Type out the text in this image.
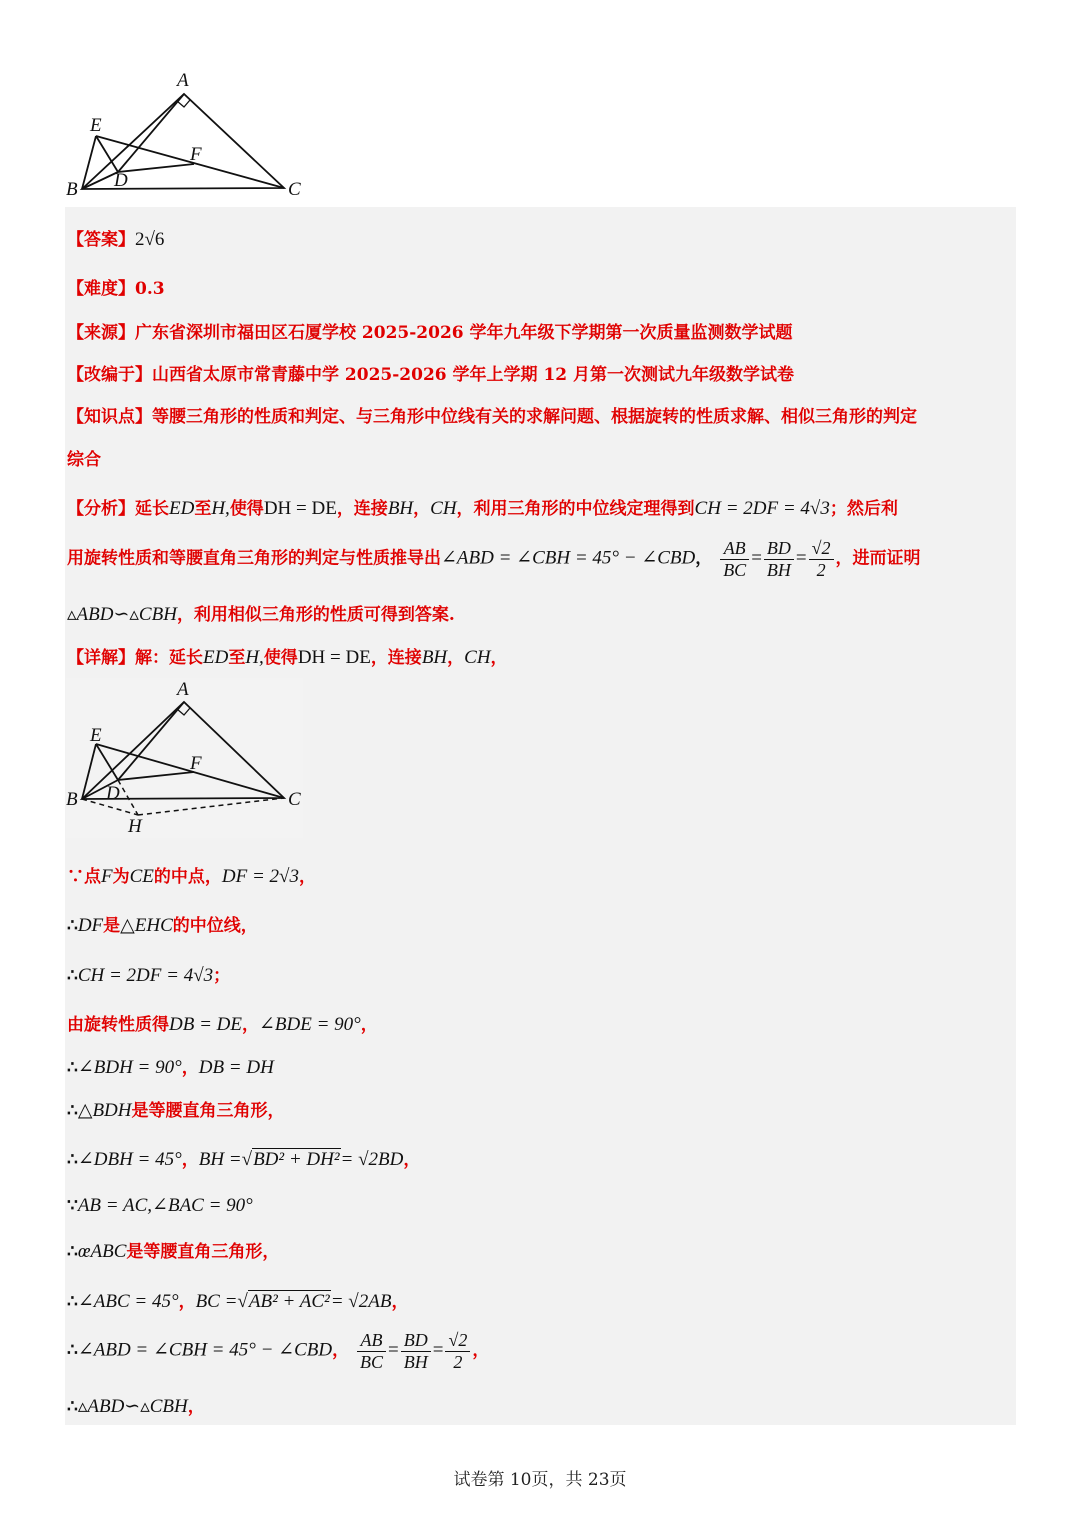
A
E
F
B D	C
A
E
F
B D	C
H
【答案】2√6
【难度】0.3
【来源】广东省深圳市福田区石厦学校 2025-2026 学年九年级下学期第一次质量监测数学试题
【改编于】山西省太原市常青藤中学 2025-2026 学年上学期 12 月第一次测试九年级数学试卷
【知识点】等腰三角形的性质和判定、与三角形中位线有关的求解问题、根据旋转的性质求解、相似三角形的判定
综合
【分析】延长ED至H,使得DH = DE，连接BH，CH，利用三角形的中位线定理得到CH = 2DF = 4√3；然后利
用旋转性质和等腰直角三角形的判定与性质推导出∠ABD = ∠CBH = 45° − ∠CBD， $\frac{AB}{BC} = \frac{BD}{BH} = \frac{√2}{2}$ ，进而证明
▵ABD∽▵CBH，利用相似三角形的性质可得到答案.
【详解】解：延长ED至H,使得DH = DE，连接BH，CH，
∵点F为CE的中点，DF = 2√3，
∴DF是△EHC的中位线，
∴CH = 2DF = 4√3；
由旋转性质得DB = DE，∠BDE = 90°，
∴∠BDH = 90°，DB = DH
∴△BDH是等腰直角三角形，
∴∠DBH = 45°，BH =√BD² + DH²= √2BD，
∵AB = AC,∠BAC = 90°
∴œABC是等腰直角三角形，
∴∠ABC = 45°，BC =√AB² + AC²= √2AB，
∴∠ABD = ∠CBH = 45° − ∠CBD， $\frac{AB}{BC} = \frac{BD}{BH} = \frac{√2}{2}$ ，
∴▵ABD∽▵CBH，
试卷第 10页，共 23页
